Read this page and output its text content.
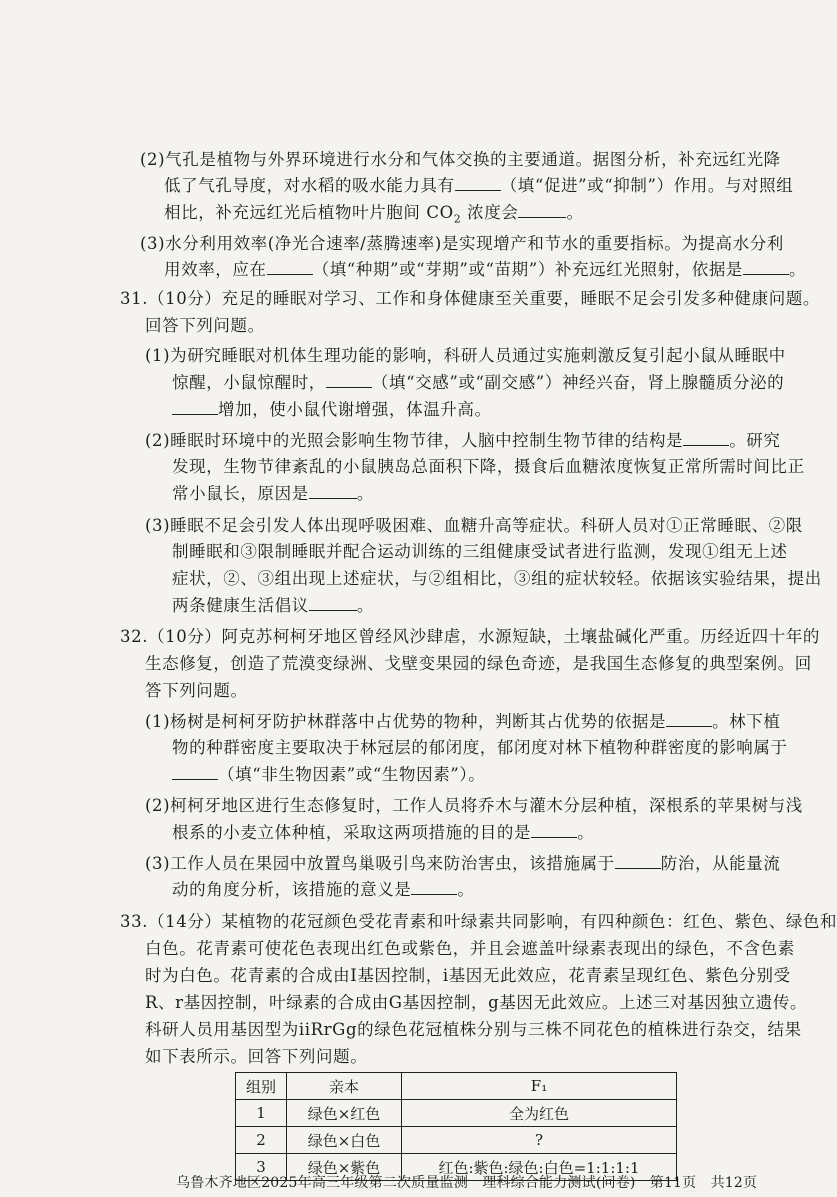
(2)气孔是植物与外界环境进行水分和气体交换的主要通道。据图分析，补充远红光降
低了气孔导度，对水稻的吸水能力具有	（填“促进”或“抑制”）作用。与对照组
相比，补充远红光后植物叶片胞间 $CO_2$ 浓度会	。
(3)水分利用效率(净光合速率/蒸腾速率)是实现增产和节水的重要指标。为提高水分利
用效率，应在	（填“种期”或“芽期”或“苗期”）补充远红光照射，依据是	。
31.（10分）充足的睡眠对学习、工作和身体健康至关重要，睡眠不足会引发多种健康问题。
回答下列问题。
(1)为研究睡眠对机体生理功能的影响，科研人员通过实施刺激反复引起小鼠从睡眠中
惊醒，小鼠惊醒时，	（填“交感”或“副交感”）神经兴奋，肾上腺髓质分泌的
增加，使小鼠代谢增强，体温升高。
(2)睡眠时环境中的光照会影响生物节律，人脑中控制生物节律的结构是	。研究
发现，生物节律紊乱的小鼠胰岛总面积下降，摄食后血糖浓度恢复正常所需时间比正
常小鼠长，原因是	。
(3)睡眠不足会引发人体出现呼吸困难、血糖升高等症状。科研人员对①正常睡眠、②限
制睡眠和③限制睡眠并配合运动训练的三组健康受试者进行监测，发现①组无上述
症状，②、③组出现上述症状，与②组相比，③组的症状较轻。依据该实验结果，提出
两条健康生活倡议	。
32.（10分）阿克苏柯柯牙地区曾经风沙肆虐，水源短缺，土壤盐碱化严重。历经近四十年的
生态修复，创造了荒漠变绿洲、戈壁变果园的绿色奇迹，是我国生态修复的典型案例。回
答下列问题。
(1)杨树是柯柯牙防护林群落中占优势的物种，判断其占优势的依据是	。林下植
物的种群密度主要取决于林冠层的郁闭度，郁闭度对林下植物种群密度的影响属于
（填“非生物因素”或“生物因素”）。
(2)柯柯牙地区进行生态修复时，工作人员将乔木与灌木分层种植，深根系的苹果树与浅
根系的小麦立体种植，采取这两项措施的目的是	。
(3)工作人员在果园中放置鸟巢吸引鸟来防治害虫，该措施属于	防治，从能量流
动的角度分析，该措施的意义是	。
33.（14分）某植物的花冠颜色受花青素和叶绿素共同影响，有四种颜色：红色、紫色、绿色和
白色。花青素可使花色表现出红色或紫色，并且会遮盖叶绿素表现出的绿色，不含色素
时为白色。花青素的合成由I基因控制，i基因无此效应，花青素呈现红色、紫色分别受
R、r基因控制，叶绿素的合成由G基因控制，g基因无此效应。上述三对基因独立遗传。
科研人员用基因型为iiRrGg的绿色花冠植株分别与三株不同花色的植株进行杂交，结果
如下表所示。回答下列问题。
组别	亲本	F₁
1	绿色×红色	全为红色
2	绿色×白色	?
3	绿色×紫色	红色:紫色:绿色:白色=1:1:1:1
乌鲁木齐地区2025年高三年级第二次质量监测　理科综合能力测试(问卷)　第11页　共12页
